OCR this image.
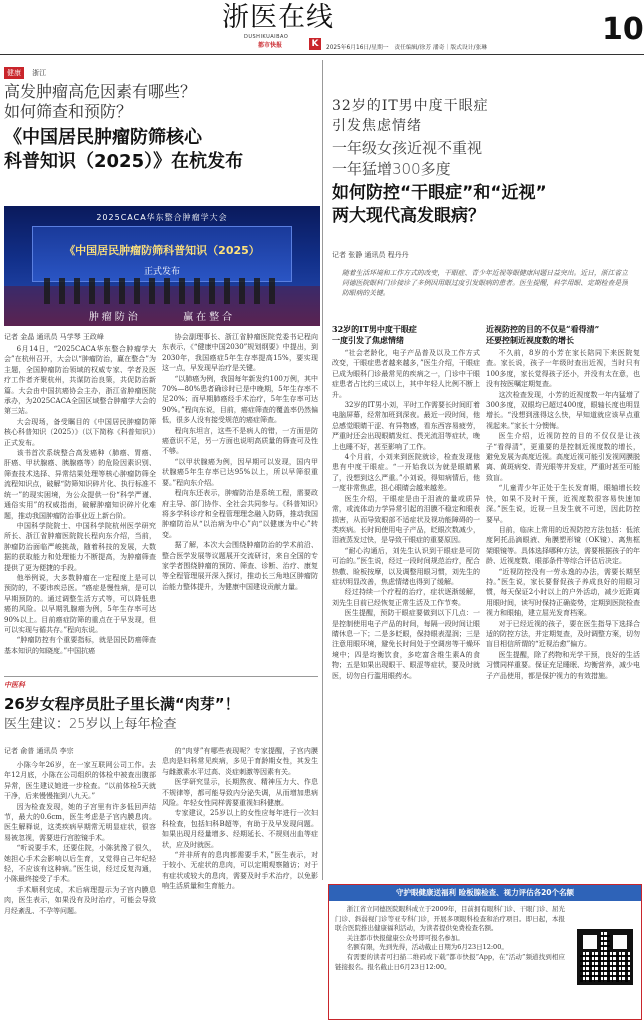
浙医在线
DUSHIKUAIBAO
都市快报	K	2025年6月16日/星期一　责任编辑/徐芳 潘奇｜版式设计/张琳
10
健康 浙江
高发肿瘤高危因素有哪些？
如何筛查和预防？
《中国居民肿瘤防筛核心
科普知识（2025）》在杭发布
2025CACA华东整合肿瘤学大会
《中国居民肿瘤防筛科普知识（2025）
正式发布
肿瘤防治	赢在整合
记者 金晶 通讯员 马学琴 王政峰

6月14日，“2025CACA华东整合肿瘤学大会”在杭州召开，大会以“肿瘤防治，赢在整合”为主题，全国肿瘤防治领域的权威专家、学者及医疗工作者齐聚杭州，共谋防治良策，共促防治新篇。大会由中国抗癌协会主办，浙江省肿瘤医院承办，为2025CACA全国区域整合肿瘤学大会的第三站。

大会现场，备受瞩目的《中国居民肿瘤防筛核心科普知识（2025）》（以下简称《科普知识》）正式发布。

该书首次系统整合高发癌种（肺癌、胃癌、肝癌、甲状腺癌、胰腺癌等）的危险因素识别、筛查技术选择、异常结果处理等核心肿瘤防筛全流程知识点，破解“防筛知识碎片化、执行标准不统一”的现实困境，为公众提供一份“科学严谨、通俗实用”的权威指南，破解肿瘤知识碎片化难题，推动我国肿瘤防治事业迈上新台阶。

中国科学院院士、中国科学院杭州医学研究所长、浙江省肿瘤医院院长程向东介绍，当前，肿瘤防治面临严峻挑战，随着科技的发展，大数据的获取能力和处理能力不断提高，为肿瘤筛查提供了更为便捷的手段。

他举例说，大多数肿瘤在一定程度上是可以预防的，不要讳疾忌医。“癌症是慢性病，是可以早期预防的。通过调整生活方式等，可以降低患癌的风险。以早期乳腺癌为例，5年生存率可达90%以上。目前癌症防筛的重点在于早发现，但可以实现与循共存。”程向东说。

“肿瘤防控有个重要指标，就是国民防癌筛查基本知识的知晓度。”中国抗癌

协会副理事长、浙江省肿瘤医院党委书记程向东表示，《“健康中国2030”规划纲要》中提出，到2030年，我国癌症5年生存率提高15%，要实现这一点，早发现早治疗是关键。

“以肺癌为例，我国每年新发约100万例，其中70%—80%患者确诊时已是中晚期，5年生存率不足20%；而早期肺癌经手术治疗，5年生存率可达90%。”程向东说，目前，癌症筛查的覆盖率仍然偏低，很多人没有接受规范的癌症筛查。

程向东坦言，这些不是病人的错，一方面是防癌意识不足，另一方面也说明高质量的筛查可及性不够。

“以甲状腺癌为例，因早期可以发现，国内甲状腺癌5年生存率已达95%以上，所以早筛很重要。”程向东介绍。

程向东还表示，肿瘤防治是系统工程，需要政府主导、部门协作、全社会共同参与。《科普知识》将多学科诊疗和全程管理理念融入防筛，推动我国肿瘤防治从“以治病为中心”向“以健康为中心”转变。

据了解，本次大会围绕肿瘤防治的学术前沿、整合医学发展等议题展开交流研讨，来自全国的专家学者围绕肿瘤的预防、筛查、诊断、治疗、康复等全程管理展开深入探讨，推动长三角地区肿瘤防治能力整体提升，为健康中国建设贡献力量。

32岁的IT男中度干眼症
引发焦虑情绪
一年级女孩近视不重视
一年猛增300多度
如何防控“干眼症”和“近视”
两大现代高发眼病？
记者 张静 通讯员 程丹丹
随着生活环境和工作方式的改变，干眼症、青少年近视等眼健康问题日益突出。近日，浙江省立同德医院眼科门诊接诊了多例因用眼过度引发眼病的患者。医生提醒，科学用眼、定期检查是预防眼病的关键。
32岁的IT男中度干眼症
一度引发了焦虑情绪

“社会老龄化，电子产品普及以及工作方式改变，干眼症患者越来越多，”医生介绍，干眼症已成为眼科门诊最常见的疾病之一，门诊中干眼症患者占比约三成以上，其中年轻人比例不断上升。

32岁的IT男小刘，平时工作需要长时间盯着电脑屏幕，经常加班到深夜。最近一段时间，他总感觉眼睛干涩、有异物感，看东西容易疲劳，严重时还会出现眼睛发红、畏光流泪等症状，晚上也睡不好，甚至影响了工作。

4个月前，小刘来到医院就诊，检查发现他患有中度干眼症。“一开始我以为就是眼睛累了，没想到这么严重。”小刘说，得知病情后，他一度非常焦虑，担心眼睛会越来越差。

医生介绍，干眼症是由于泪液的量或质异常，或流体动力学异常引起的泪膜不稳定和眼表损害，从而导致眼部不适症状及视功能障碍的一类疾病。长时间使用电子产品，眨眼次数减少，泪液蒸发过快，是导致干眼症的重要原因。

“耐心沟通后，刘先生认识到干眼症是可防可治的。”医生说，经过一段时间规范治疗，配合热敷、睑板按摩，以及调整用眼习惯，刘先生的症状明显改善，焦虑情绪也得到了缓解。

经过持续一个疗程的治疗，症状逐渐缓解，刘先生目前已经恢复正常生活及工作节奏。

医生提醒，预防干眼症要做到以下几点：一是控制使用电子产品的时间，每隔一段时间让眼睛休息一下；二是多眨眼，保持眼表湿润；三是注意用眼环境，避免长时间处于空调房等干燥环境中；四是均衡饮食，多吃富含维生素A的食物；五是如果出现眼干、眼涩等症状，要及时就医，切勿自行滥用眼药水。

近视防控的目的不仅是“看得清”
还要控制近视度数的增长

不久前，8岁的小芳在家长陪同下来医院复查。家长说，孩子一年级时查出近视，当时只有100多度，家长觉得孩子还小，并没有太在意，也没有按医嘱定期复查。

这次检查发现，小芳的近视度数一年内猛增了300多度，双眼均已超过400度，眼轴长度也明显增长。“没想到涨得这么快，早知道就应该早点重视起来。”家长十分懊悔。

医生介绍，近视防控的目的不仅仅是让孩子“看得清”，更重要的是控制近视度数的增长，避免发展为高度近视。高度近视可能引发视网膜脱离、黄斑病变、青光眼等并发症，严重时甚至可能致盲。

“儿童青少年正处于生长发育期，眼轴增长较快，如果不及时干预，近视度数很容易快速加深。”医生说，近视一旦发生就不可逆，因此防控要早。

目前，临床上常用的近视防控方法包括：低浓度阿托品滴眼液、角膜塑形镜（OK镜）、离焦框架眼镜等。具体选择哪种方法，需要根据孩子的年龄、近视度数、眼部条件等综合评估后决定。

“近视防控没有一劳永逸的办法，需要长期坚持。”医生说，家长要督促孩子养成良好的用眼习惯，每天保证2小时以上的户外活动，减少近距离用眼时间，读写时保持正确姿势，定期到医院检查视力和眼轴，建立屈光发育档案。

对于已经近视的孩子，要在医生指导下选择合适的防控方法，并定期复查，及时调整方案，切勿盲目相信所谓的“近视治愈”偏方。

医生提醒，除了药物和光学干预，良好的生活习惯同样重要。保证充足睡眠、均衡营养，减少电子产品使用，都是保护视力的有效措施。

中医科
26岁女程序员肚子里长满“肉芽”！
医生建议：25岁以上每年检查
记者 俞普 通讯员 李宗

小陈今年26岁，在一家互联网公司工作。去年12月底，小陈在公司组织的体检中被查出腹部异常，医生建议她进一步检查。“以前体检5天就干净，后来慢慢拖到八九天。”

因为检查发现，她的子宫里有许多低回声结节，最大的0.6cm，医生考虑是子宫内膜息肉。医生解释说，这类疾病早期常无明显症状，很容易被忽视，需要进行宫腔镜手术。

“听说要手术，还要住院，小陈犹豫了很久，她担心手术会影响以后生育，又觉得自己年纪轻轻，不应该有这种病。”医生说，经过反复沟通，小陈最终接受了手术。

手术顺利完成，术后病理提示为子宫内膜息肉，医生表示，如果没有及时治疗，可能会导致月经紊乱、不孕等问题。

的“肉芽”有哪些表现呢？专家提醒，子宫内膜息肉是妇科常见疾病，多见于育龄期女性，其发生与雌激素水平过高、炎症刺激等因素有关。

医学研究显示，长期熬夜、精神压力大、作息不规律等，都可能导致内分泌失调，从而增加患病风险。年轻女性同样需要重视妇科健康。

专家建议，25岁以上的女性应每年进行一次妇科检查，包括妇科B超等，有助于及早发现问题。如果出现月经量增多、经期延长、不规则出血等症状，应及时就医。

“并非所有的息肉都需要手术，”医生表示，对于较小、无症状的息肉，可以定期观察随访；对于有症状或较大的息肉，需要及时手术治疗，以免影响生活质量和生育能力。

守护眼健康送福利 睑板腺检查、视力评估各20个名额

浙江省立同德医院眼科成立于2009年，目前拥有眼科门诊、干眼门诊、屈光门诊、斜弱视门诊等亚专科门诊，开展多项眼科检查和治疗项目。即日起，本报联合医院推出健康福利活动，为读者提供免费检查名额。

关注都市快报健康公众号即可报名参加。

名额有限，先到先得，活动截止日期为6月23日12:00。

有需要的读者可扫描二维码或下载“都市快报”App，在“活动”频道找到相应链接报名。报名截止日6月23日12:00。
